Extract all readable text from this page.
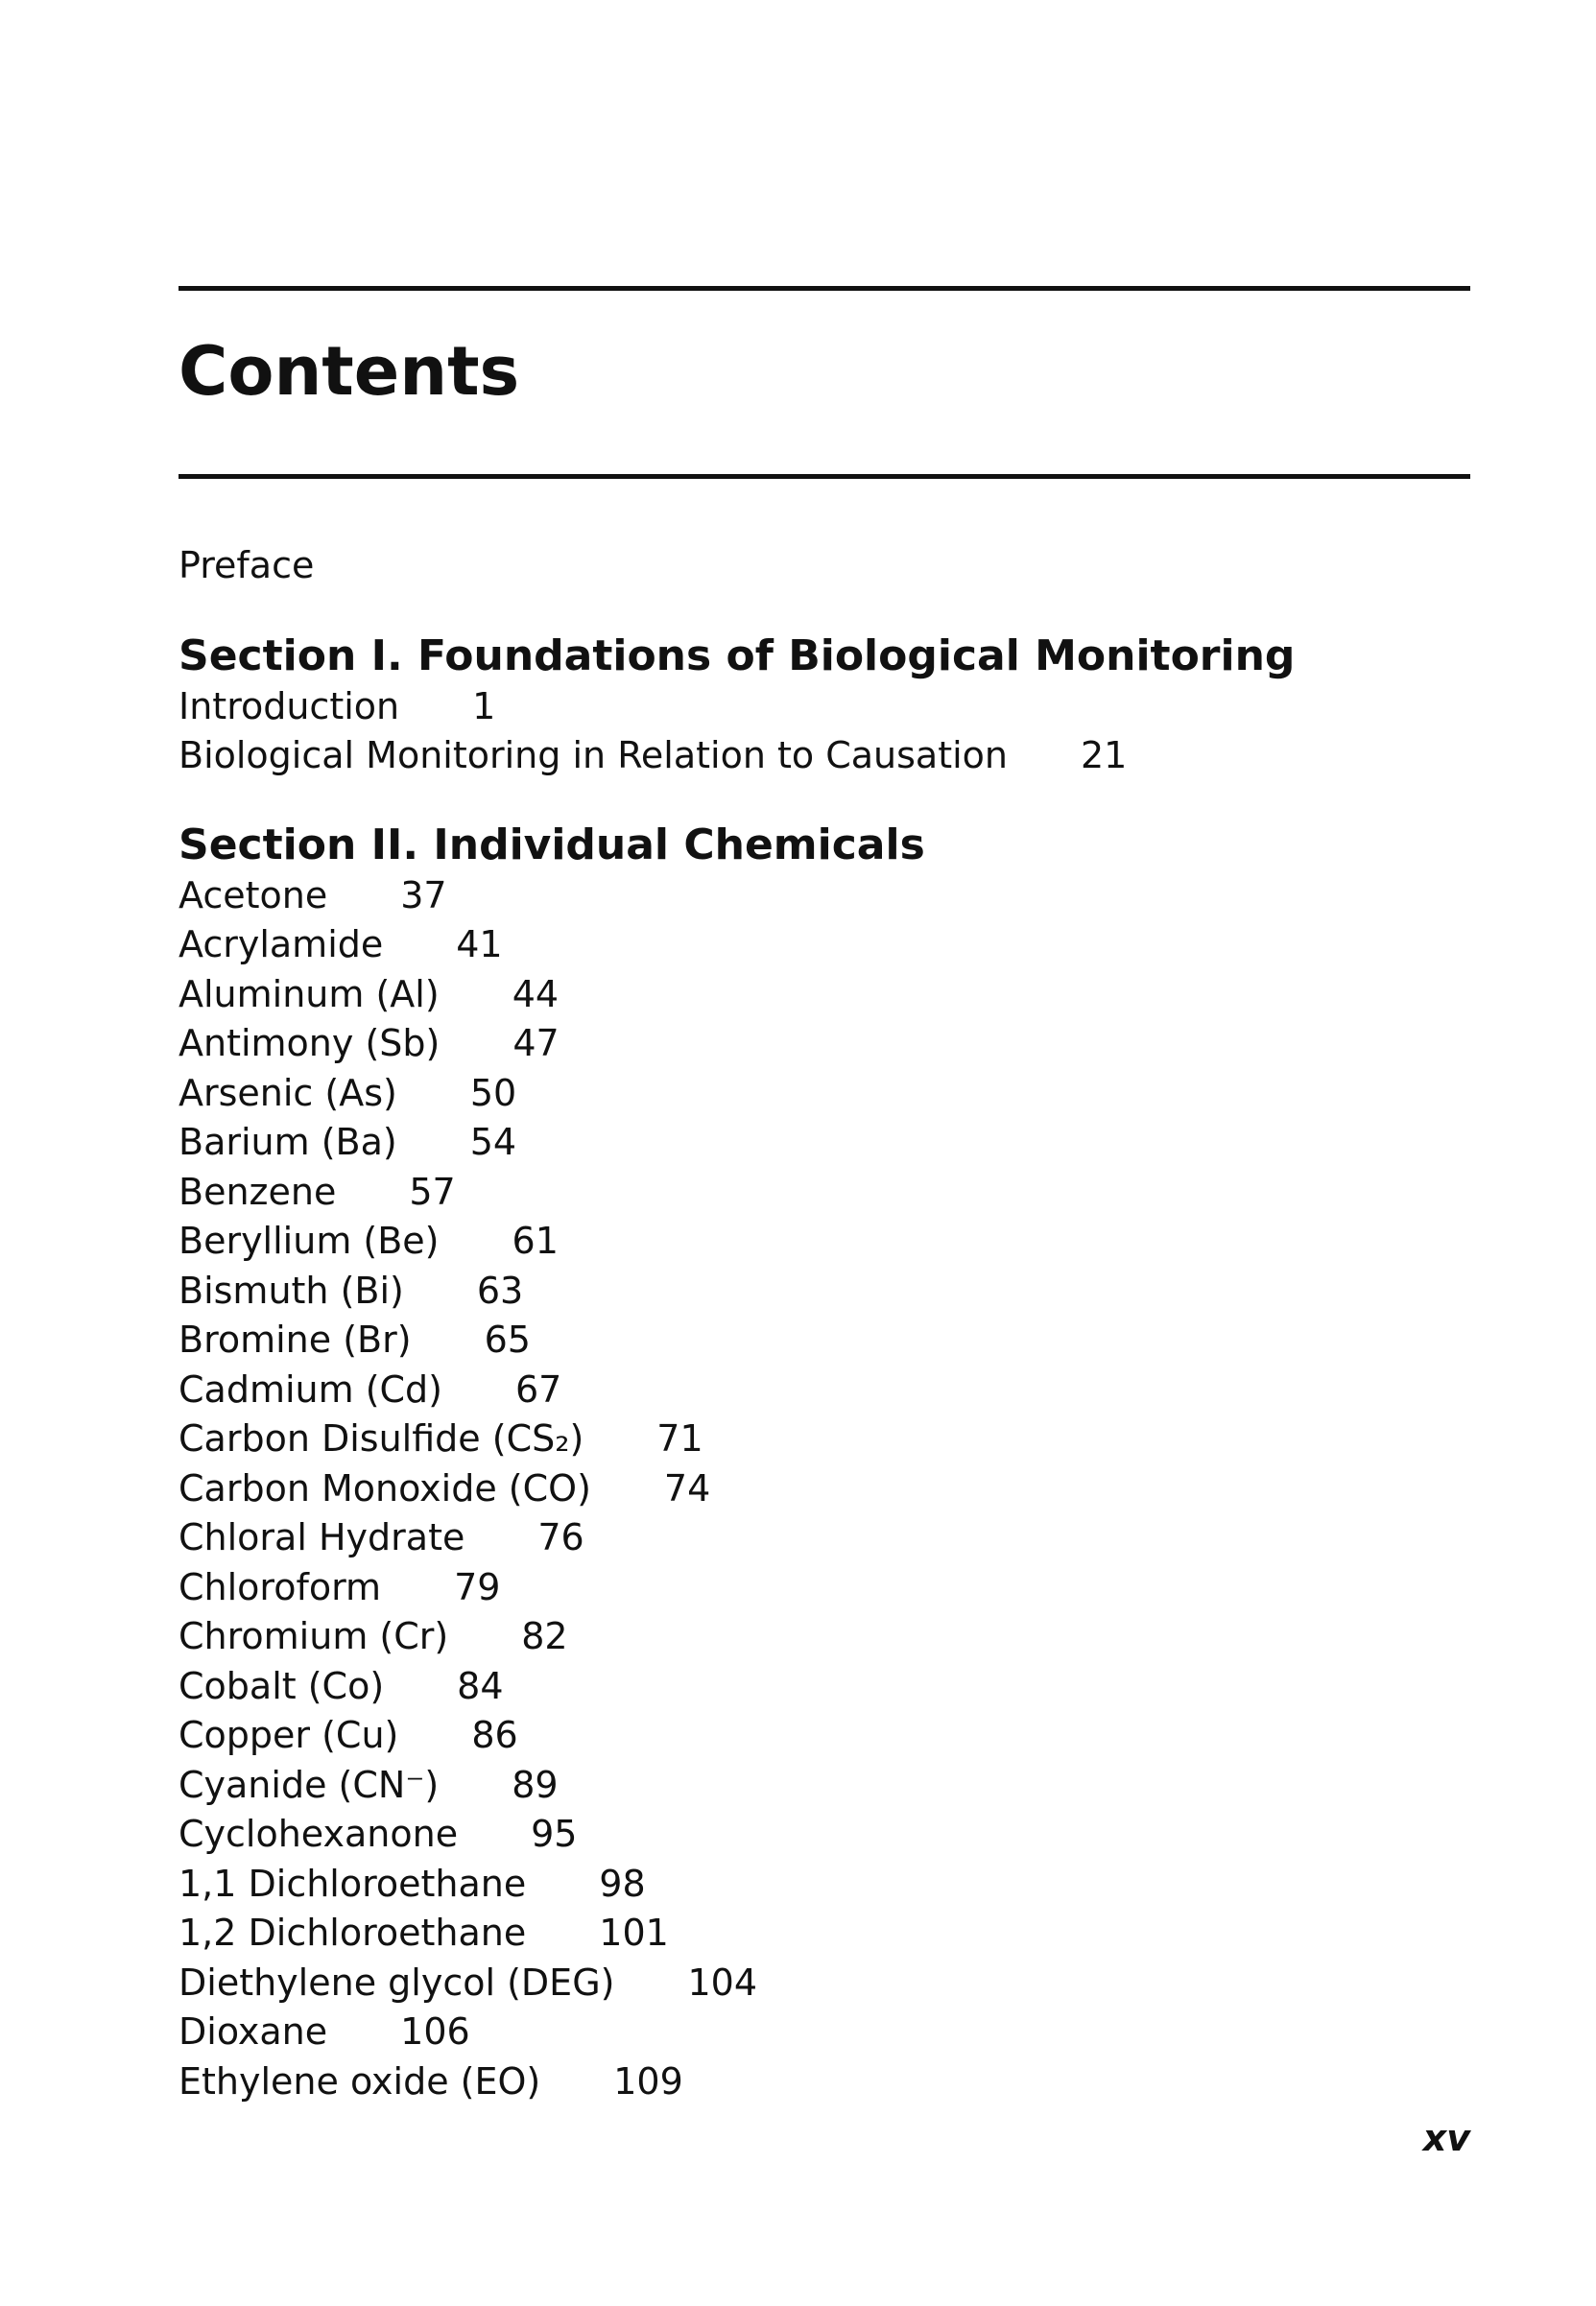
Contents
Preface
Section I. Foundations of Biological Monitoring
Introduction 1
Biological Monitoring in Relation to Causation 21
Section II. Individual Chemicals
Acetone 37
Acrylamide 41
Aluminum (Al) 44
Antimony (Sb) 47
Arsenic (As) 50
Barium (Ba) 54
Benzene 57
Beryllium (Be) 61
Bismuth (Bi) 63
Bromine (Br) 65
Cadmium (Cd) 67
Carbon Disulfide (CS₂) 71
Carbon Monoxide (CO) 74
Chloral Hydrate 76
Chloroform 79
Chromium (Cr) 82
Cobalt (Co) 84
Copper (Cu) 86
Cyanide (CN⁻) 89
Cyclohexanone 95
1,1 Dichloroethane 98
1,2 Dichloroethane 101
Diethylene glycol (DEG) 104
Dioxane 106
Ethylene oxide (EO) 109
xv
